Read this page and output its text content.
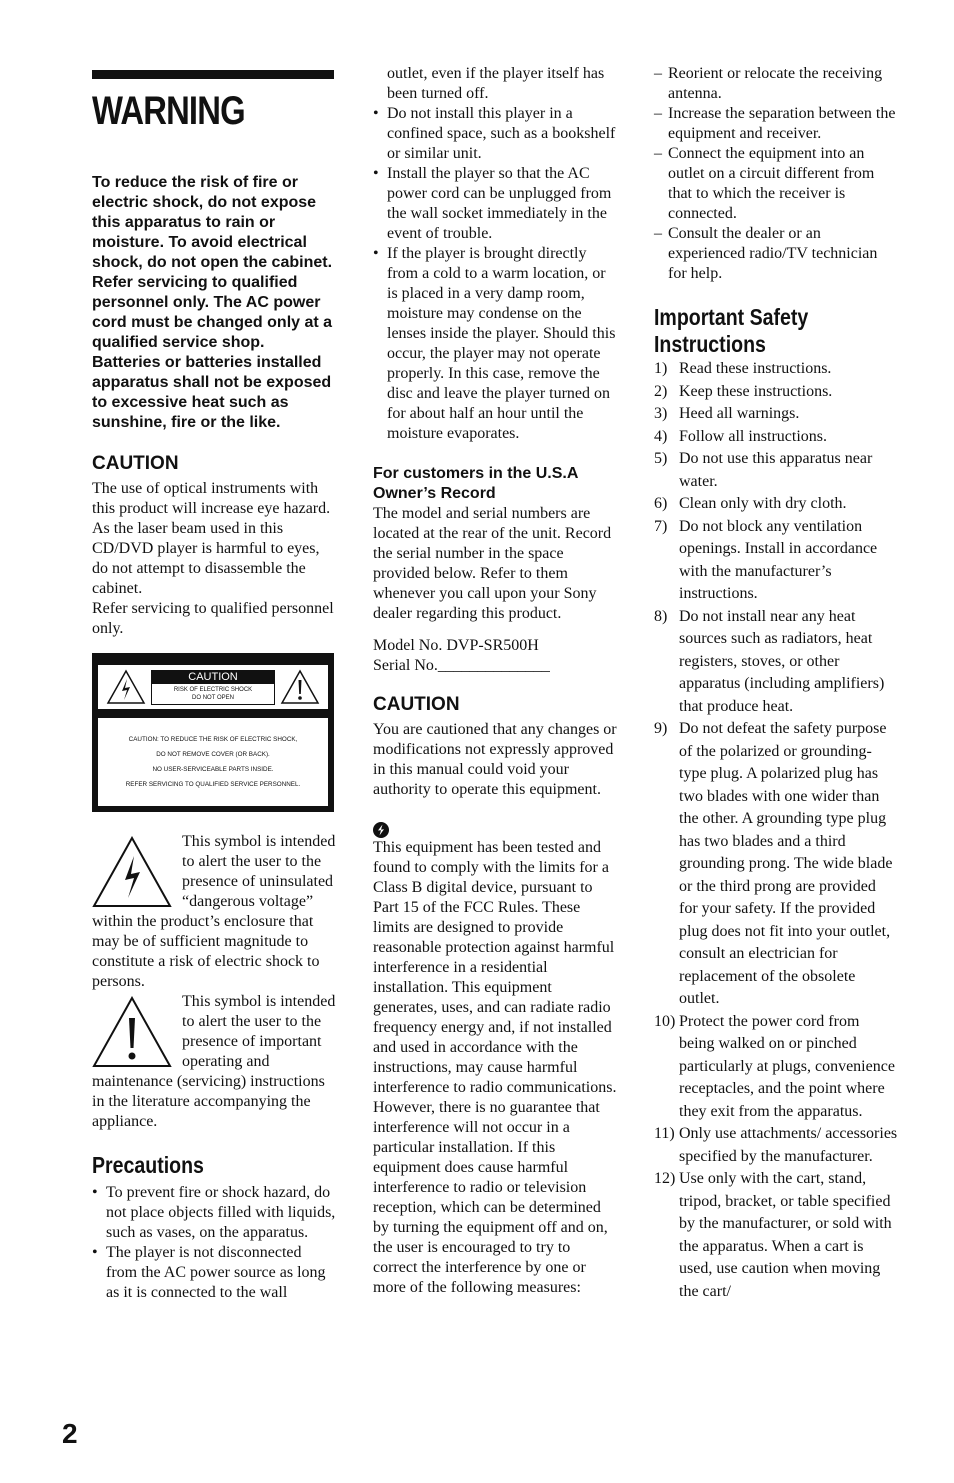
WARNING

To reduce the risk of fire or electric shock, do not expose this apparatus to rain or moisture. To avoid electrical shock, do not open the cabinet. Refer servicing to qualified personnel only. The AC power cord must be changed only at a qualified service shop. Batteries or batteries installed apparatus shall not be exposed to excessive heat such as sunshine, fire or the like.

CAUTION

The use of optical instruments with this product will increase eye hazard. As the laser beam used in this CD/DVD player is harmful to eyes, do not attempt to disassemble the cabinet.

Refer servicing to qualified personnel only.

CAUTION
RISK OF ELECTRIC SHOCK
DO NOT OPEN
CAUTION: TO REDUCE THE RISK OF ELECTRIC SHOCK,
DO NOT REMOVE COVER (OR BACK).
NO USER-SERVICEABLE PARTS INSIDE.
REFER SERVICING TO QUALIFIED SERVICE PERSONNEL.

This symbol is intended to alert the user to the presence of uninsulated “dangerous voltage” within the product’s enclosure that may be of sufficient magnitude to constitute a risk of electric shock to persons.

This symbol is intended to alert the user to the presence of important operating and maintenance (servicing) instructions in the literature accompanying the appliance.

Precautions
• To prevent fire or shock hazard, do not place objects filled with liquids, such as vases, on the apparatus.
• The player is not disconnected from the AC power source as long as it is connected to the wall

outlet, even if the player itself has been turned off.

• Do not install this player in a confined space, such as a bookshelf or similar unit.
• Install the player so that the AC power cord can be unplugged from the wall socket immediately in the event of trouble.
• If the player is brought directly from a cold to a warm location, or is placed in a very damp room, moisture may condense on the lenses inside the player. Should this occur, the player may not operate properly. In this case, remove the disc and leave the player turned on for about half an hour until the moisture evaporates.
For customers in the U.S.A
Owner’s Record

The model and serial numbers are located at the rear of the unit. Record the serial number in the space provided below. Refer to them whenever you call upon your Sony dealer regarding this product.

Model No. DVP-SR500H

Serial No.______________

CAUTION

You are cautioned that any changes or modifications not expressly approved in this manual could void your authority to operate this equipment.

This equipment has been tested and found to comply with the limits for a Class B digital device, pursuant to Part 15 of the FCC Rules. These limits are designed to provide reasonable protection against harmful interference in a residential installation. This equipment generates, uses, and can radiate radio frequency energy and, if not installed and used in accordance with the instructions, may cause harmful interference to radio communications. However, there is no guarantee that interference will not occur in a particular installation. If this equipment does cause harmful interference to radio or television reception, which can be determined by turning the equipment off and on, the user is encouraged to try to correct the interference by one or more of the following measures:

– Reorient or relocate the receiving antenna.
– Increase the separation between the equipment and receiver.
– Connect the equipment into an outlet on a circuit different from that to which the receiver is connected.
– Consult the dealer or an experienced radio/TV technician for help.
Important Safety Instructions
1) Read these instructions.
2) Keep these instructions.
3) Heed all warnings.
4) Follow all instructions.
5) Do not use this apparatus near water.
6) Clean only with dry cloth.
7) Do not block any ventilation openings. Install in accordance with the manufacturer’s instructions.
8) Do not install near any heat sources such as radiators, heat registers, stoves, or other apparatus (including amplifiers) that produce heat.
9) Do not defeat the safety purpose of the polarized or grounding-type plug. A polarized plug has two blades with one wider than the other. A grounding type plug has two blades and a third grounding prong. The wide blade or the third prong are provided for your safety. If the provided plug does not fit into your outlet, consult an electrician for replacement of the obsolete outlet.
10) Protect the power cord from being walked on or pinched particularly at plugs, convenience receptacles, and the point where they exit from the apparatus.
11) Only use attachments/ accessories specified by the manufacturer.
12) Use only with the cart, stand, tripod, bracket, or table specified by the manufacturer, or sold with the apparatus. When a cart is used, use caution when moving the cart/
2
